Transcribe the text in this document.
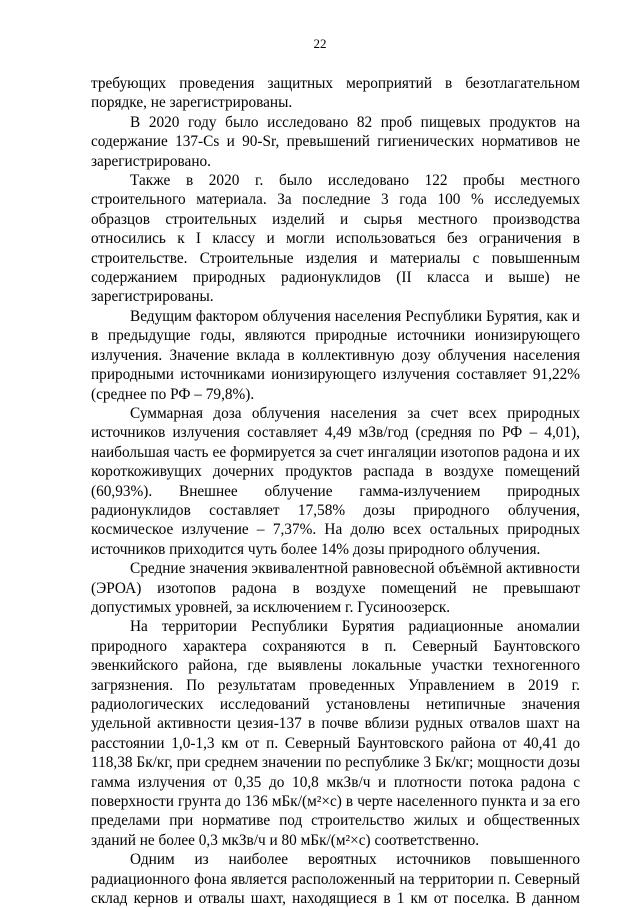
22

требующих проведения защитных мероприятий в безотлагательном порядке, не зарегистрированы.

В 2020 году было исследовано 82 проб пищевых продуктов на содержание 137-Cs и 90-Sr, превышений гигиенических нормативов не зарегистрировано.

Также в 2020 г. было исследовано 122 пробы местного строительного материала. За последние 3 года 100 % исследуемых образцов строительных изделий и сырья местного производства относились к I классу и могли использоваться без ограничения в строительстве. Строительные изделия и материалы с повышенным содержанием природных радионуклидов (II класса и выше) не зарегистрированы.

Ведущим фактором облучения населения Республики Бурятия, как и в предыдущие годы, являются природные источники ионизирующего излучения. Значение вклада в коллективную дозу облучения населения природными источниками ионизирующего излучения составляет 91,22% (среднее по РФ – 79,8%).

Суммарная доза облучения населения за счет всех природных источников излучения составляет 4,49 мЗв/год (средняя по РФ – 4,01), наибольшая часть ее формируется за счет ингаляции изотопов радона и их короткоживущих дочерних продуктов распада в воздухе помещений (60,93%). Внешнее облучение гамма-излучением природных радионуклидов составляет 17,58% дозы природного облучения, космическое излучение – 7,37%. На долю всех остальных природных источников приходится чуть более 14% дозы природного облучения.

Средние значения эквивалентной равновесной объёмной активности (ЭРОА) изотопов радона в воздухе помещений не превышают допустимых уровней, за исключением г. Гусиноозерск.

На территории Республики Бурятия радиационные аномалии природного характера сохраняются в п. Северный Баунтовского эвенкийского района, где выявлены локальные участки техногенного загрязнения. По результатам проведенных Управлением в 2019 г. радиологических исследований установлены нетипичные значения удельной активности цезия-137 в почве вблизи рудных отвалов шахт на расстоянии 1,0-1,3 км от п. Северный Баунтовского района от 40,41 до 118,38 Бк/кг, при среднем значении по республике 3 Бк/кг; мощности дозы гамма излучения от 0,35 до 10,8 мкЗв/ч и плотности потока радона с поверхности грунта до 136 мБк/(м²×с) в черте населенного пункта и за его пределами при нормативе под строительство жилых и общественных зданий не более 0,3 мкЗв/ч и 80 мБк/(м²×с) соответственно.

Одним из наиболее вероятных источников повышенного радиационного фона является расположенный на территории п. Северный склад кернов и отвалы шахт, находящиеся в 1 км от поселка. В данном
